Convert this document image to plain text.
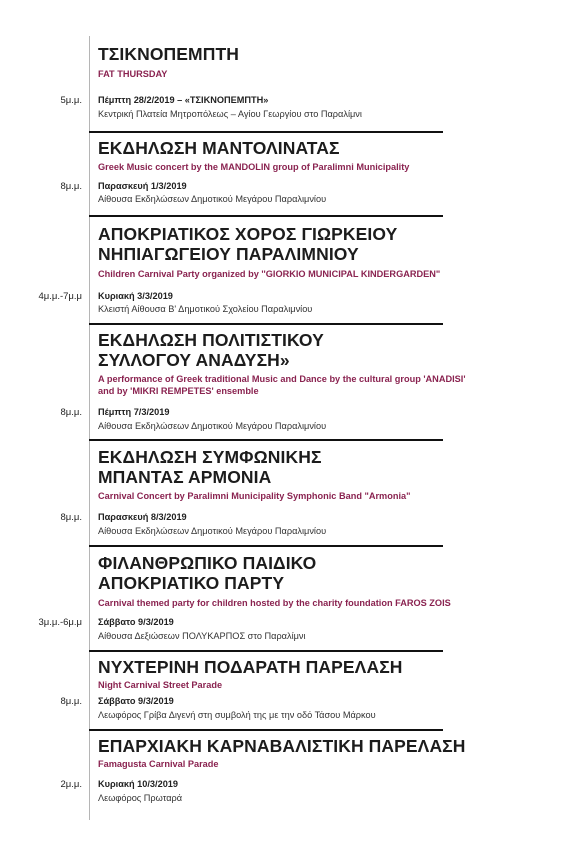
ΤΣΙΚΝΟΠΕΜΠΤΗ

FAT THURSDAY

5μ.μ. Πέμπτη 28/2/2019 – «ΤΣΙΚΝΟΠΕΜΠΤΗ»
Κεντρική Πλατεία Μητροπόλεως – Αγίου Γεωργίου στο Παραλίμνι
ΕΚΔΗΛΩΣΗ ΜΑΝΤΟΛΙΝΑΤΑΣ

Greek Music concert by the MANDOLIN group of Paralimni Municipality

8μ.μ. Παρασκευή 1/3/2019
Αίθουσα Εκδηλώσεων Δημοτικού Μεγάρου Παραλιμνίου
ΑΠΟΚΡΙΑΤΙΚΟΣ ΧΟΡΟΣ ΓΙΩΡΚΕΙΟΥ
ΝΗΠΙΑΓΩΓΕΙΟΥ ΠΑΡΑΛΙΜΝΙΟΥ

Children Carnival Party organized by ''GIORKIO MUNICIPAL KINDERGARDEN"

4μ.μ.-7μ.μ Κυριακή 3/3/2019
Κλειστή Αίθουσα Β' Δημοτικού Σχολείου Παραλιμνίου
ΕΚΔΗΛΩΣΗ ΠΟΛΙΤΙΣΤΙΚΟΥ
ΣΥΛΛΟΓΟΥ ΑΝΑΔΥΣΗ»

A performance of Greek traditional Music and Dance by the cultural group 'ANADISI'
and by 'MIKRI REMPETES' ensemble

8μ.μ. Πέμπτη 7/3/2019
Αίθουσα Εκδηλώσεων Δημοτικού Μεγάρου Παραλιμνίου
ΕΚΔΗΛΩΣΗ ΣΥΜΦΩΝΙΚΗΣ
ΜΠΑΝΤΑΣ ΑΡΜΟΝΙΑ

Carnival Concert by Paralimni Municipality Symphonic Band "Armonia"

8μ.μ. Παρασκευή 8/3/2019
Αίθουσα Εκδηλώσεων Δημοτικού Μεγάρου Παραλιμνίου
ΦΙΛΑΝΘΡΩΠΙΚΟ ΠΑΙΔΙΚΟ
ΑΠΟΚΡΙΑΤΙΚΟ ΠΑΡΤΥ

Carnival themed party for children hosted by the charity foundation FAROS ZOIS

3μ.μ.-6μ.μ Σάββατο 9/3/2019
Αίθουσα Δεξιώσεων ΠΟΛΥΚΑΡΠΟΣ στο Παραλίμνι
ΝΥΧΤΕΡΙΝΗ ΠΟΔΑΡΑΤΗ ΠΑΡΕΛΑΣΗ

Night Carnival Street Parade

8μ.μ. Σάββατο 9/3/2019
Λεωφόρος Γρίβα Διγενή στη συμβολή της με την οδό Τάσου Μάρκου
ΕΠΑΡΧΙΑΚΗ ΚΑΡΝΑΒΑΛΙΣΤΙΚΗ ΠΑΡΕΛΑΣΗ

Famagusta Carnival Parade

2μ.μ. Κυριακή 10/3/2019
Λεωφόρος Πρωταρά
